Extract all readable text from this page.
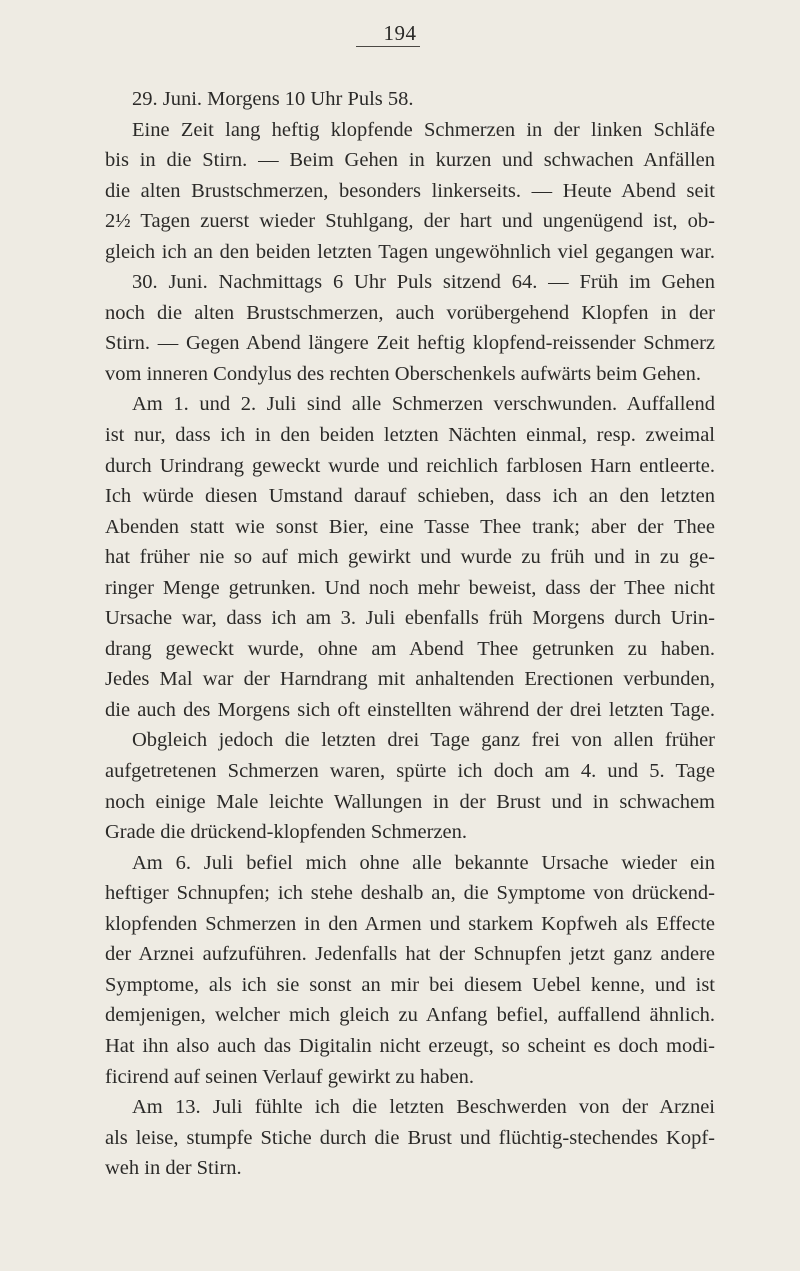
194
29. Juni. Morgens 10 Uhr Puls 58.
Eine Zeit lang heftig klopfende Schmerzen in der linken Schläfe
bis in die Stirn. — Beim Gehen in kurzen und schwachen Anfällen
die alten Brustschmerzen, besonders linkerseits. — Heute Abend seit
2½ Tagen zuerst wieder Stuhlgang, der hart und ungenügend ist, ob-
gleich ich an den beiden letzten Tagen ungewöhnlich viel gegangen war.
30. Juni. Nachmittags 6 Uhr Puls sitzend 64. — Früh im Gehen
noch die alten Brustschmerzen, auch vorübergehend Klopfen in der
Stirn. — Gegen Abend längere Zeit heftig klopfend-reissender Schmerz
vom inneren Condylus des rechten Oberschenkels aufwärts beim Gehen.
Am 1. und 2. Juli sind alle Schmerzen verschwunden. Auffallend
ist nur, dass ich in den beiden letzten Nächten einmal, resp. zweimal
durch Urindrang geweckt wurde und reichlich farblosen Harn entleerte.
Ich würde diesen Umstand darauf schieben, dass ich an den letzten
Abenden statt wie sonst Bier, eine Tasse Thee trank; aber der Thee
hat früher nie so auf mich gewirkt und wurde zu früh und in zu ge-
ringer Menge getrunken. Und noch mehr beweist, dass der Thee nicht
Ursache war, dass ich am 3. Juli ebenfalls früh Morgens durch Urin-
drang geweckt wurde, ohne am Abend Thee getrunken zu haben.
Jedes Mal war der Harndrang mit anhaltenden Erectionen verbunden,
die auch des Morgens sich oft einstellten während der drei letzten Tage.
Obgleich jedoch die letzten drei Tage ganz frei von allen früher
aufgetretenen Schmerzen waren, spürte ich doch am 4. und 5. Tage
noch einige Male leichte Wallungen in der Brust und in schwachem
Grade die drückend-klopfenden Schmerzen.
Am 6. Juli befiel mich ohne alle bekannte Ursache wieder ein
heftiger Schnupfen; ich stehe deshalb an, die Symptome von drückend-
klopfenden Schmerzen in den Armen und starkem Kopfweh als Effecte
der Arznei aufzuführen. Jedenfalls hat der Schnupfen jetzt ganz andere
Symptome, als ich sie sonst an mir bei diesem Uebel kenne, und ist
demjenigen, welcher mich gleich zu Anfang befiel, auffallend ähnlich.
Hat ihn also auch das Digitalin nicht erzeugt, so scheint es doch modi-
ficirend auf seinen Verlauf gewirkt zu haben.
Am 13. Juli fühlte ich die letzten Beschwerden von der Arznei
als leise, stumpfe Stiche durch die Brust und flüchtig-stechendes Kopf-
weh in der Stirn.
